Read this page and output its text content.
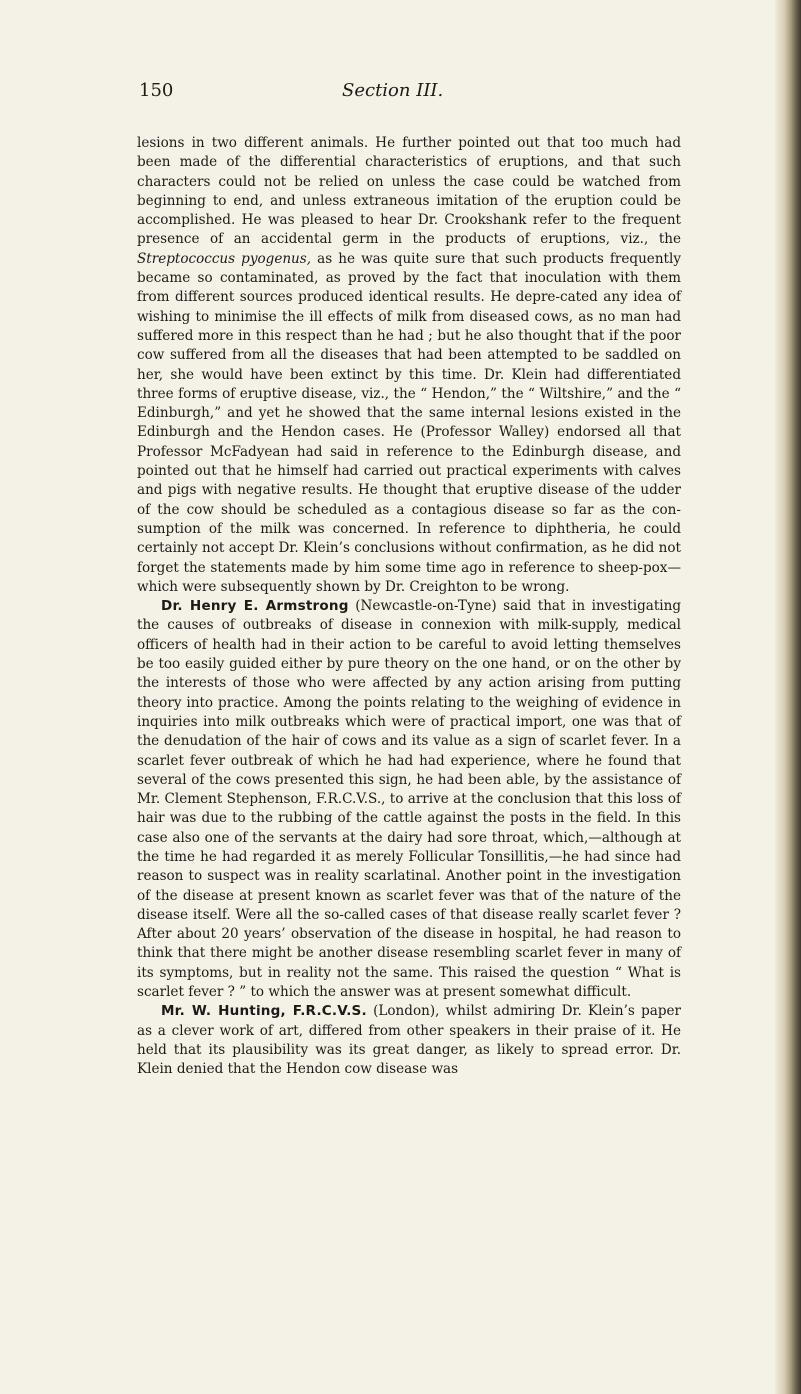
150	Section III.

lesions in two different animals. He further pointed out that too much had been made of the differential characteristics of eruptions, and that such characters could not be relied on unless the case could be watched from beginning to end, and unless extraneous imitation of the eruption could be accomplished. He was pleased to hear Dr. Crookshank refer to the frequent presence of an accidental germ in the products of eruptions, viz., the Streptococcus pyogenus, as he was quite sure that such products frequently became so contaminated, as proved by the fact that inoculation with them from different sources produced identical results. He depre-cated any idea of wishing to minimise the ill effects of milk from diseased cows, as no man had suffered more in this respect than he had ; but he also thought that if the poor cow suffered from all the diseases that had been attempted to be saddled on her, she would have been extinct by this time. Dr. Klein had differentiated three forms of eruptive disease, viz., the “ Hendon,” the “ Wiltshire,” and the “ Edinburgh,” and yet he showed that the same internal lesions existed in the Edinburgh and the Hendon cases. He (Professor Walley) endorsed all that Professor McFadyean had said in reference to the Edinburgh disease, and pointed out that he himself had carried out practical experiments with calves and pigs with negative results. He thought that eruptive disease of the udder of the cow should be scheduled as a contagious disease so far as the con-sumption of the milk was concerned. In reference to diphtheria, he could certainly not accept Dr. Klein’s conclusions without confirmation, as he did not forget the statements made by him some time ago in reference to sheep-pox—which were subsequently shown by Dr. Creighton to be wrong.

Dr. Henry E. Armstrong (Newcastle-on-Tyne) said that in investigating the causes of outbreaks of disease in connexion with milk-supply, medical officers of health had in their action to be careful to avoid letting themselves be too easily guided either by pure theory on the one hand, or on the other by the interests of those who were affected by any action arising from putting theory into practice. Among the points relating to the weighing of evidence in inquiries into milk outbreaks which were of practical import, one was that of the denudation of the hair of cows and its value as a sign of scarlet fever. In a scarlet fever outbreak of which he had had experience, where he found that several of the cows presented this sign, he had been able, by the assistance of Mr. Clement Stephenson, F.R.C.V.S., to arrive at the conclusion that this loss of hair was due to the rubbing of the cattle against the posts in the field. In this case also one of the servants at the dairy had sore throat, which,—although at the time he had regarded it as merely Follicular Tonsillitis,—he had since had reason to suspect was in reality scarlatinal. Another point in the investigation of the disease at present known as scarlet fever was that of the nature of the disease itself. Were all the so-called cases of that disease really scarlet fever ? After about 20 years’ observation of the disease in hospital, he had reason to think that there might be another disease resembling scarlet fever in many of its symptoms, but in reality not the same. This raised the question “ What is scarlet fever ? ” to which the answer was at present somewhat difficult.

Mr. W. Hunting, F.R.C.V.S. (London), whilst admiring Dr. Klein’s paper as a clever work of art, differed from other speakers in their praise of it. He held that its plausibility was its great danger, as likely to spread error. Dr. Klein denied that the Hendon cow disease was
